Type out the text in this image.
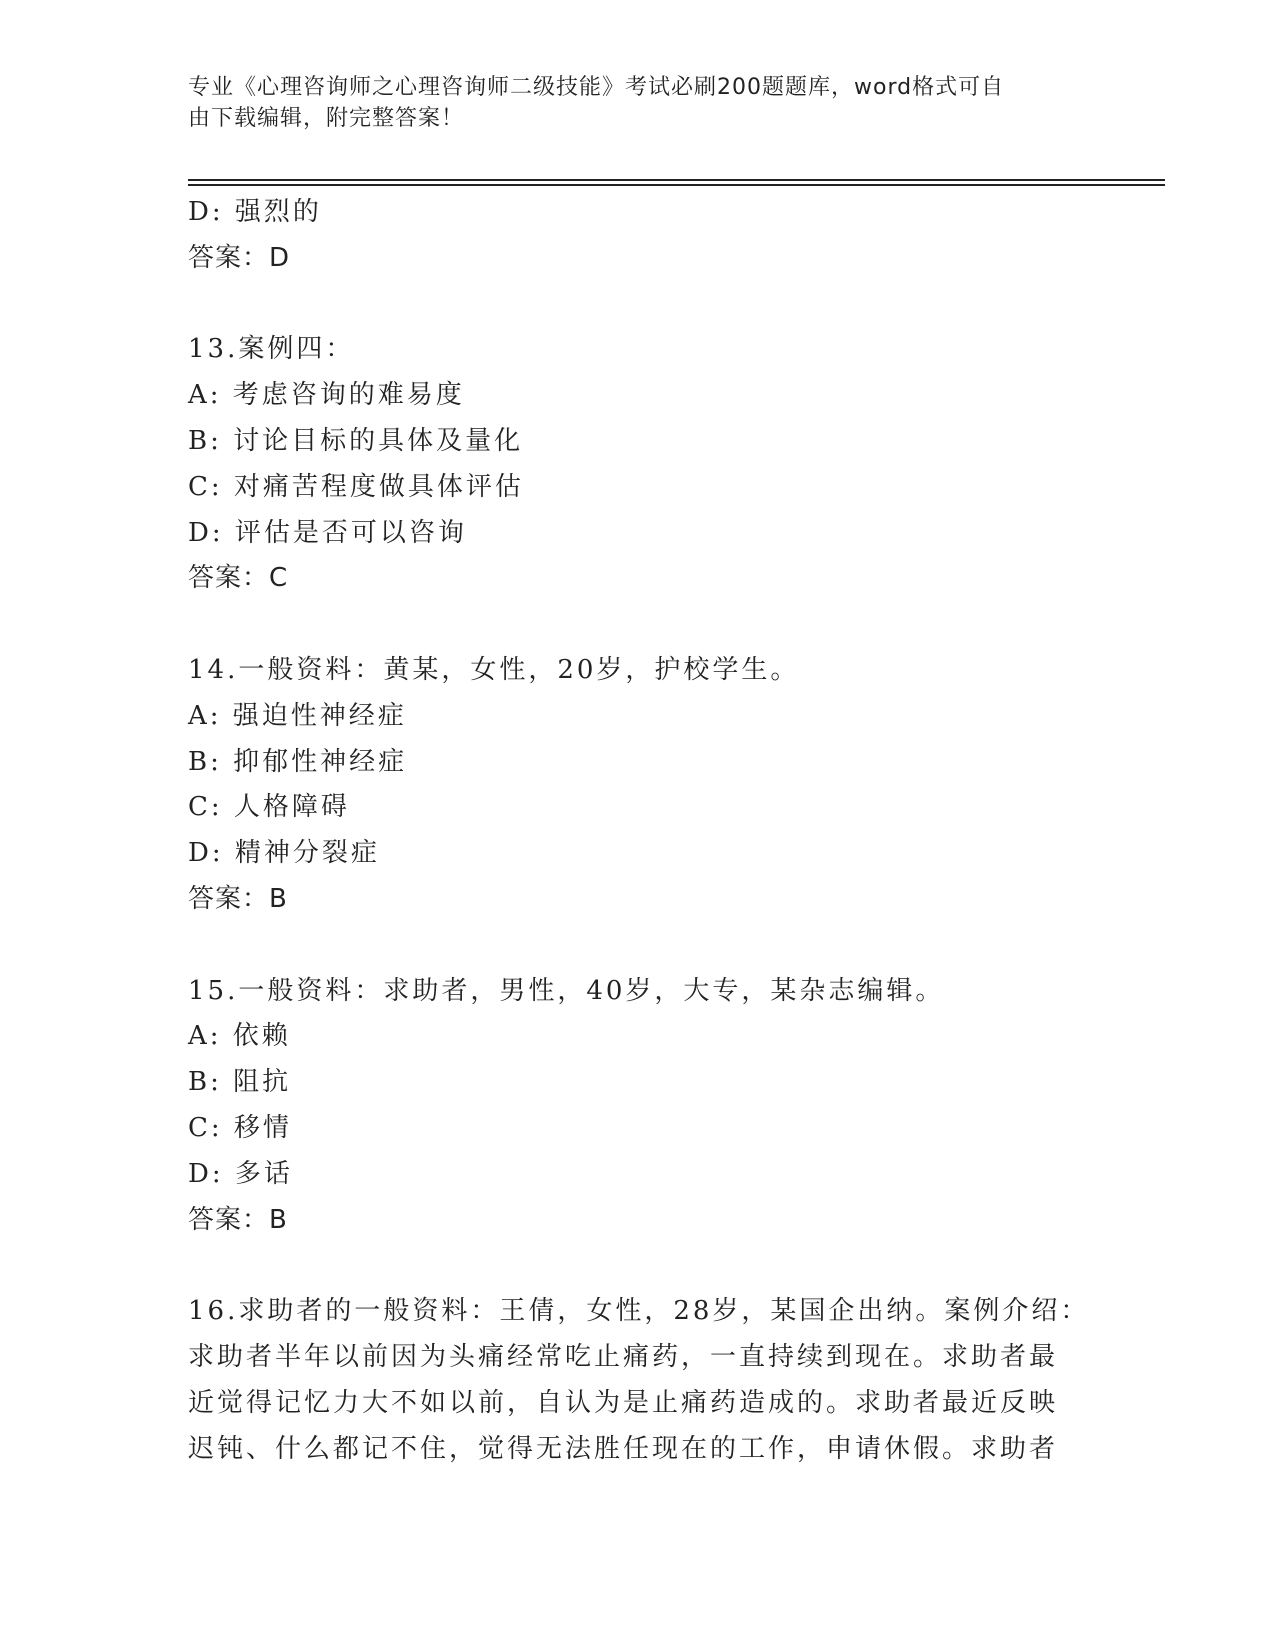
专业《心理咨询师之心理咨询师二级技能》考试必刷200题题库，word格式可自
由下载编辑，附完整答案！
D: 强烈的
答案：D
13.案例四：
A: 考虑咨询的难易度
B: 讨论目标的具体及量化
C: 对痛苦程度做具体评估
D: 评估是否可以咨询
答案：C
14.一般资料：黄某，女性，20岁，护校学生。
A: 强迫性神经症
B: 抑郁性神经症
C: 人格障碍
D: 精神分裂症
答案：B
15.一般资料：求助者，男性，40岁，大专，某杂志编辑。
A: 依赖
B: 阻抗
C: 移情
D: 多话
答案：B
16.求助者的一般资料：王倩，女性，28岁，某国企出纳。案例介绍：
求助者半年以前因为头痛经常吃止痛药，一直持续到现在。求助者最
近觉得记忆力大不如以前，自认为是止痛药造成的。求助者最近反映
迟钝、什么都记不住，觉得无法胜任现在的工作，申请休假。求助者
